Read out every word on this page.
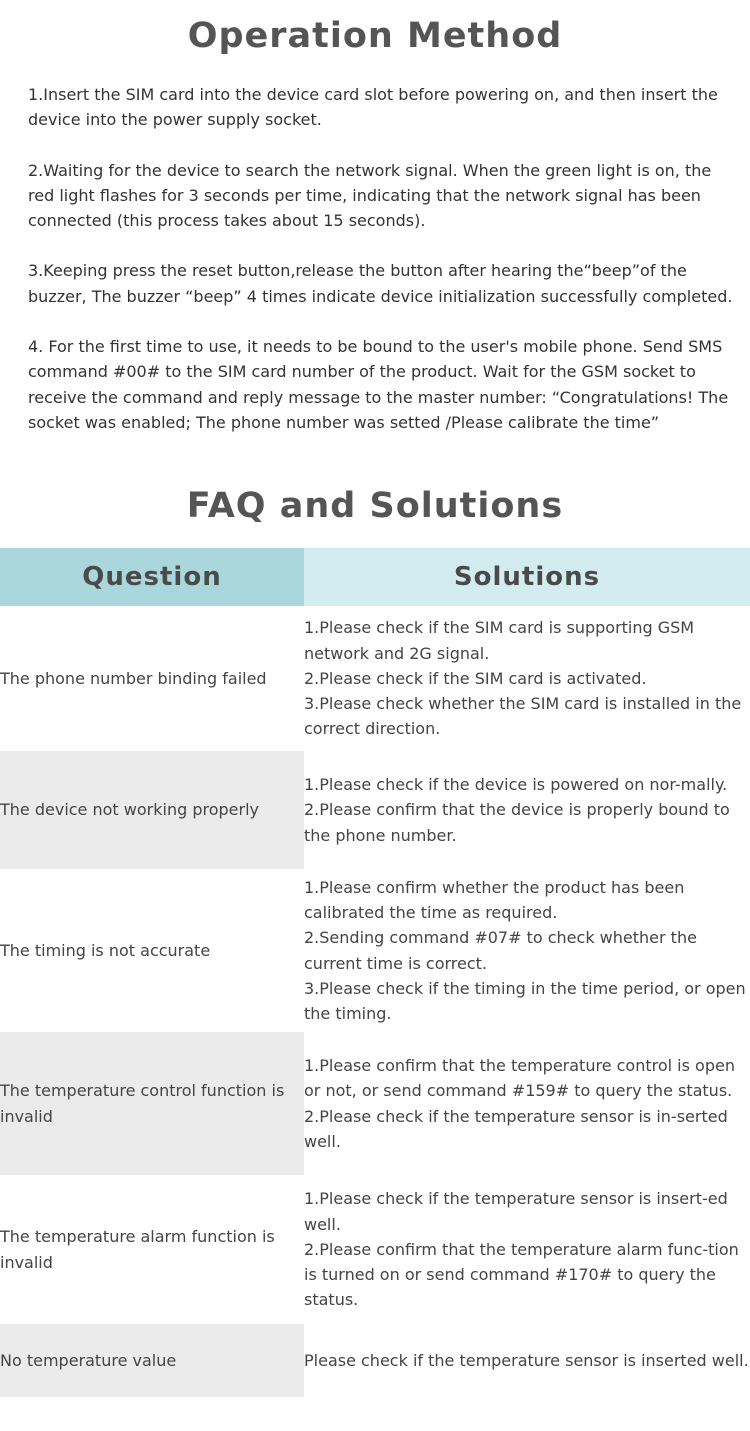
Operation Method

1.Insert the SIM card into the device card slot before powering on, and then insert the device into the power supply socket.

2.Waiting for the device to search the network signal. When the green light is on, the red light flashes for 3 seconds per time, indicating that the network signal has been connected (this process takes about 15 seconds).

3.Keeping press the reset button,release the button after hearing the“beep”of the buzzer, The buzzer “beep” 4 times indicate device initialization successfully completed.

4. For the first time to use, it needs to be bound to the user's mobile phone. Send SMS command #00# to the SIM card number of the product. Wait for the GSM socket to receive the command and reply message to the master number: “Congratulations! The socket was enabled; The phone number was setted /Please calibrate the time”

FAQ and Solutions
Question	Solutions
The phone number binding failed	1.Please check if the SIM card is supporting GSM network and 2G signal.
2.Please check if the SIM card is activated.
3.Please check whether the SIM card is installed in the correct direction.

The device not working properly	1.Please check if the device is powered on nor-mally.
2.Please confirm that the device is properly bound to the phone number.

The timing is not accurate	1.Please confirm whether the product has been calibrated the time as required.
2.Sending command #07# to check whether the current time is correct.
3.Please check if the timing in the time period, or open the timing.

The temperature control function is invalid	1.Please confirm that the temperature control is open or not, or send command #159# to query the status.
2.Please check if the temperature sensor is in-serted well.

The temperature alarm function is invalid	1.Please check if the temperature sensor is insert-ed well.
2.Please confirm that the temperature alarm func-tion is turned on or send command #170# to query the status.

No temperature value	Please check if the temperature sensor is inserted well.
